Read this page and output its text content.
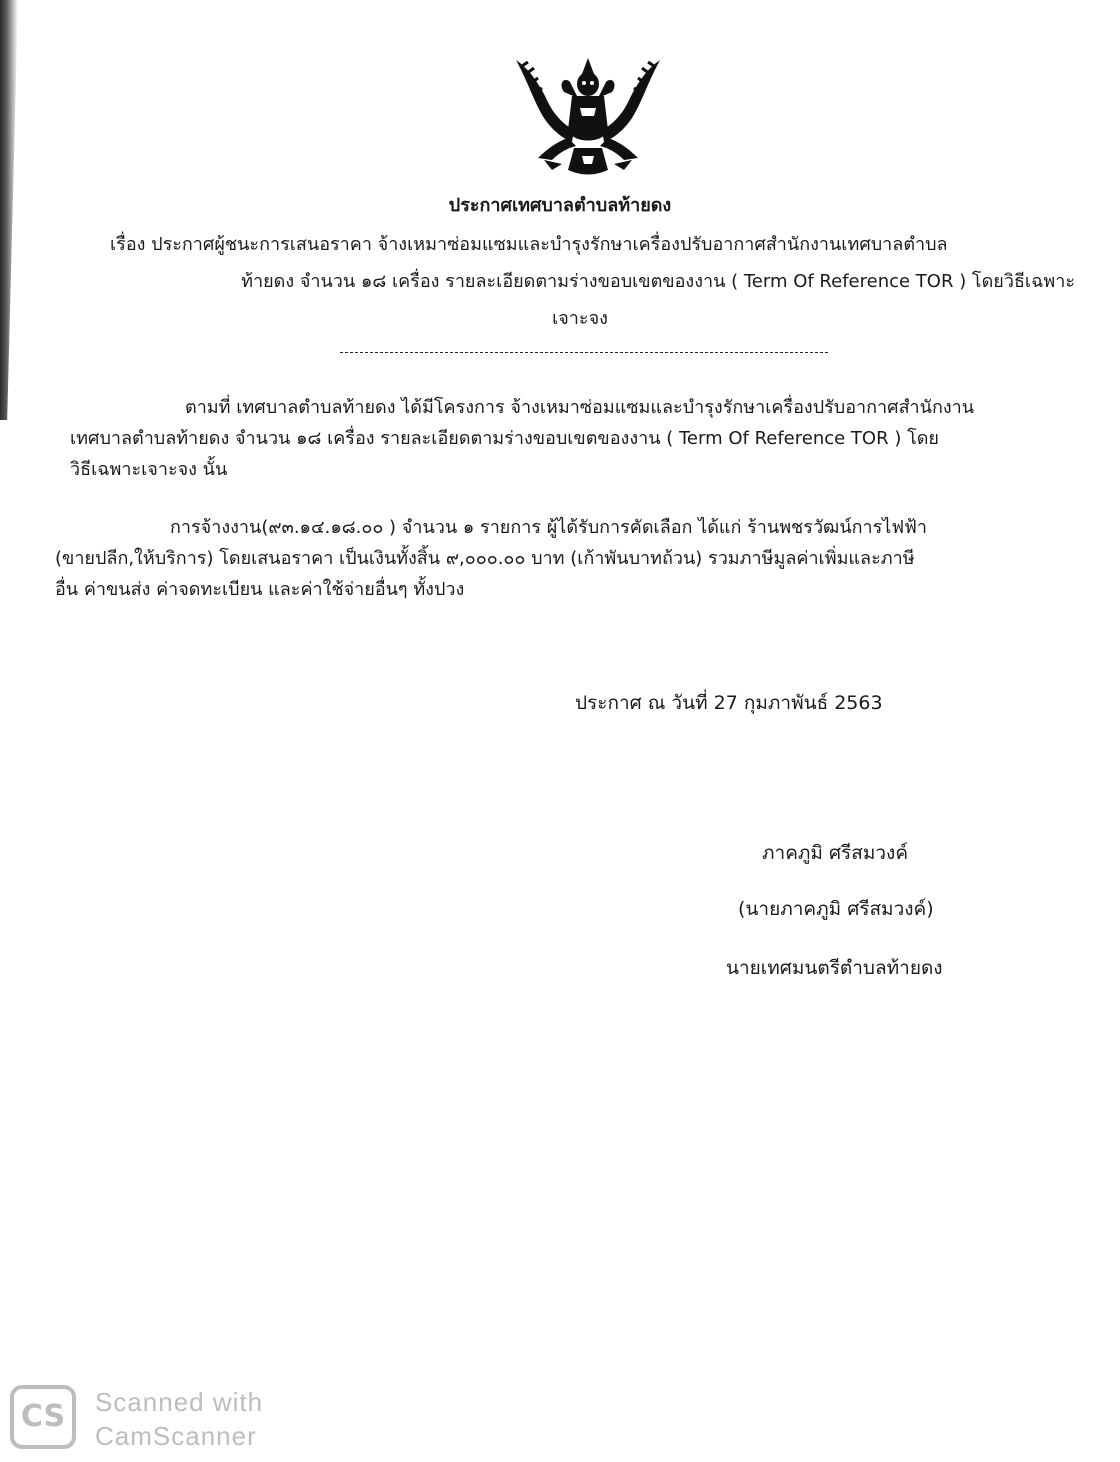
ประกาศเทศบาลตำบลท้ายดง
เรื่อง ประกาศผู้ชนะการเสนอราคา จ้างเหมาซ่อมแซมและบำรุงรักษาเครื่องปรับอากาศสำนักงานเทศบาลตำบล
ท้ายดง จำนวน ๑๘ เครื่อง รายละเอียดตามร่างขอบเขตของงาน ( Term Of Reference TOR ) โดยวิธีเฉพาะ
เจาะจง
ตามที่ เทศบาลตำบลท้ายดง ได้มีโครงการ จ้างเหมาซ่อมแซมและบำรุงรักษาเครื่องปรับอากาศสำนักงาน
เทศบาลตำบลท้ายดง จำนวน ๑๘ เครื่อง รายละเอียดตามร่างขอบเขตของงาน ( Term Of Reference TOR ) โดย
วิธีเฉพาะเจาะจง นั้น
การจ้างงาน(๙๓.๑๔.๑๘.๐๐ ) จำนวน ๑ รายการ ผู้ได้รับการคัดเลือก ได้แก่ ร้านพชรวัฒน์การไฟฟ้า
(ขายปลีก,ให้บริการ) โดยเสนอราคา เป็นเงินทั้งสิ้น ๙,๐๐๐.๐๐ บาท (เก้าพันบาทถ้วน) รวมภาษีมูลค่าเพิ่มและภาษี
อื่น ค่าขนส่ง ค่าจดทะเบียน และค่าใช้จ่ายอื่นๆ ทั้งปวง
ประกาศ ณ วันที่ 27 กุมภาพันธ์ 2563
ภาคภูมิ ศรีสมวงค์
(นายภาคภูมิ ศรีสมวงค์)
นายเทศมนตรีตำบลท้ายดง
CS	Scanned with
CamScanner
